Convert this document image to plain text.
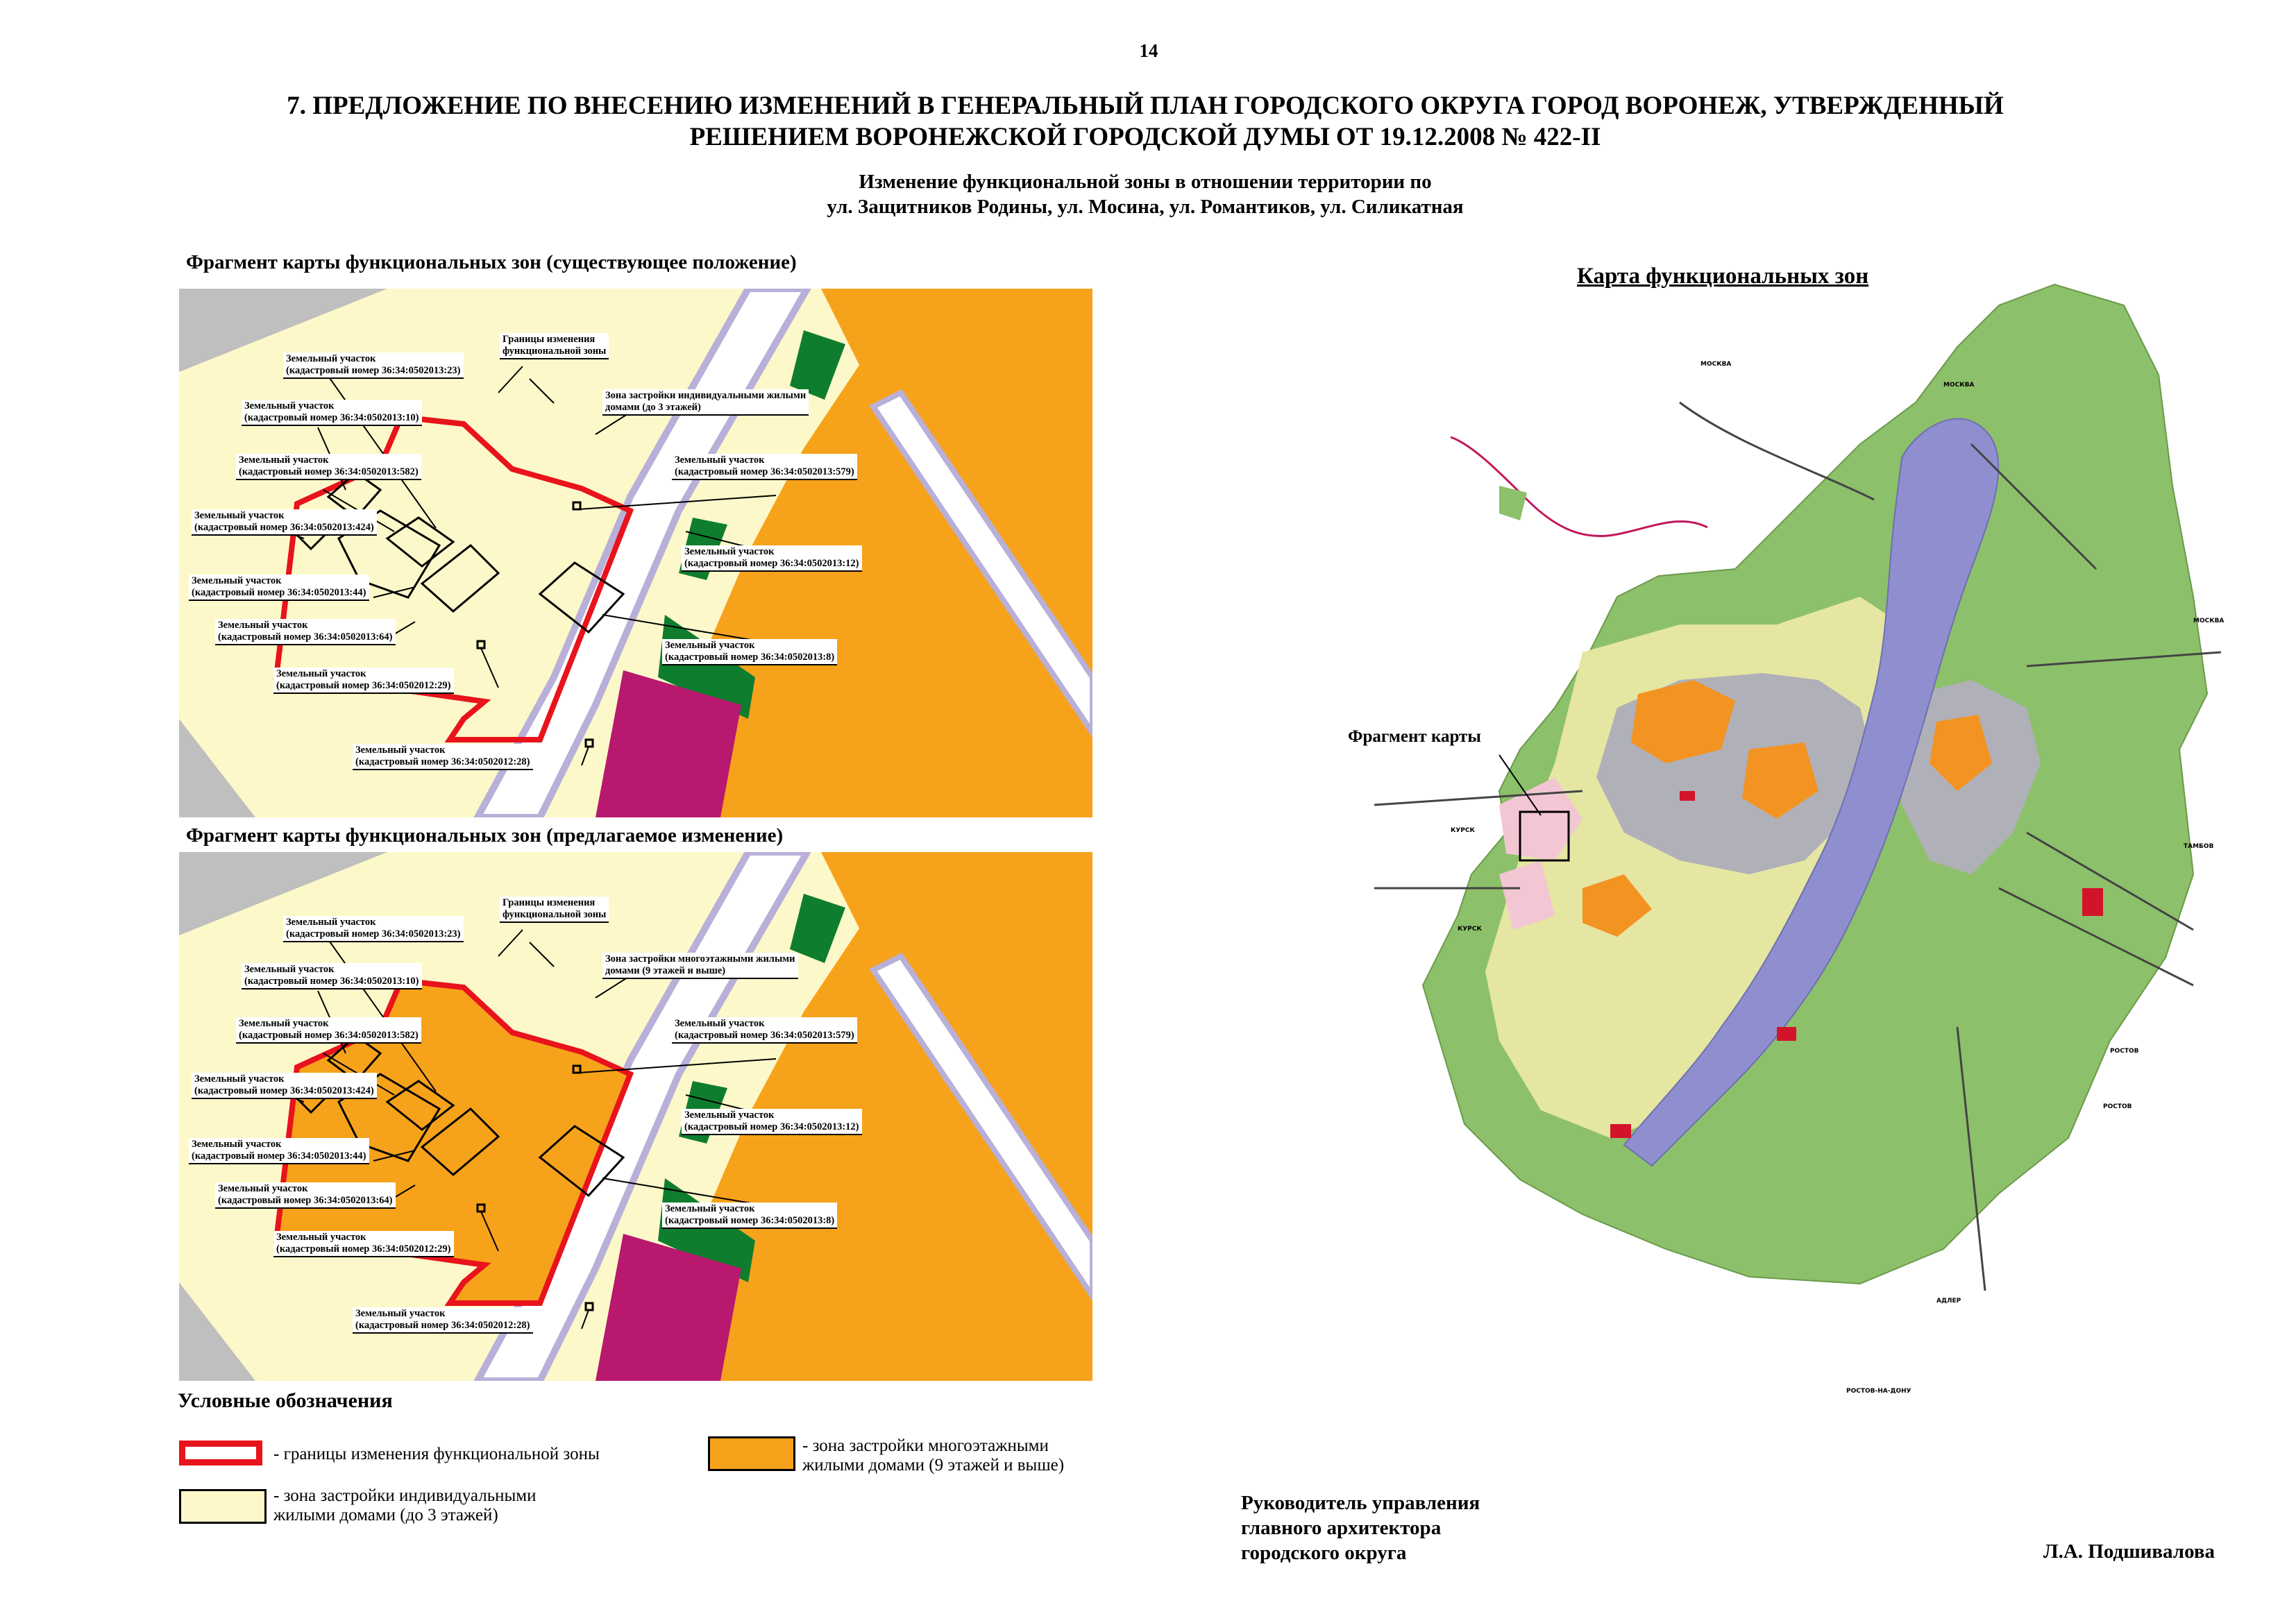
14
7. ПРЕДЛОЖЕНИЕ ПО ВНЕСЕНИЮ ИЗМЕНЕНИЙ В ГЕНЕРАЛЬНЫЙ ПЛАН ГОРОДСКОГО ОКРУГА ГОРОД ВОРОНЕЖ, УТВЕРЖДЕННЫЙ
РЕШЕНИЕМ ВОРОНЕЖСКОЙ ГОРОДСКОЙ ДУМЫ ОТ 19.12.2008 № 422-II
Изменение функциональной зоны в отношении территории по
ул. Защитников Родины, ул. Мосина, ул. Романтиков, ул. Силикатная
Фрагмент карты функциональных зон (существующее положение)
Границы изменения
функциональной зоны
Земельный участок
(кадастровый номер 36:34:0502013:23)
Зона застройки индивидуальными жилыми
домами (до 3 этажей)
Земельный участок
(кадастровый номер 36:34:0502013:10)
Земельный участок
(кадастровый номер 36:34:0502013:582)
Земельный участок
(кадастровый номер 36:34:0502013:579)
Земельный участок
(кадастровый номер 36:34:0502013:424)
Земельный участок
(кадастровый номер 36:34:0502013:12)
Земельный участок
(кадастровый номер 36:34:0502013:44)
Земельный участок
(кадастровый номер 36:34:0502013:64)
Земельный участок
(кадастровый номер 36:34:0502013:8)
Земельный участок
(кадастровый номер 36:34:0502012:29)
Земельный участок
(кадастровый номер 36:34:0502012:28)
Фрагмент карты функциональных зон (предлагаемое изменение)
Границы изменения
функциональной зоны
Земельный участок
(кадастровый номер 36:34:0502013:23)
Зона застройки многоэтажными жилыми
домами (9 этажей и выше)
Земельный участок
(кадастровый номер 36:34:0502013:10)
Земельный участок
(кадастровый номер 36:34:0502013:582)
Земельный участок
(кадастровый номер 36:34:0502013:579)
Земельный участок
(кадастровый номер 36:34:0502013:424)
Земельный участок
(кадастровый номер 36:34:0502013:12)
Земельный участок
(кадастровый номер 36:34:0502013:44)
Земельный участок
(кадастровый номер 36:34:0502013:64)
Земельный участок
(кадастровый номер 36:34:0502013:8)
Земельный участок
(кадастровый номер 36:34:0502012:29)
Земельный участок
(кадастровый номер 36:34:0502012:28)
Условные обозначения
- границы изменения функциональной зоны
- зона застройки индивидуальными
жилыми домами (до 3 этажей)
- зона застройки многоэтажными
жилыми домами (9 этажей и выше)
Карта функциональных зон
МОСКВА
МОСКВА
МОСКВА
КУРСК
КУРСК
ТАМБОВ
РОСТОВ
РОСТОВ
АДЛЕР
РОСТОВ-НА-ДОНУ
Фрагмент карты
Руководитель управления
главного архитектора
городского округа	Л.А. Подшивалова
